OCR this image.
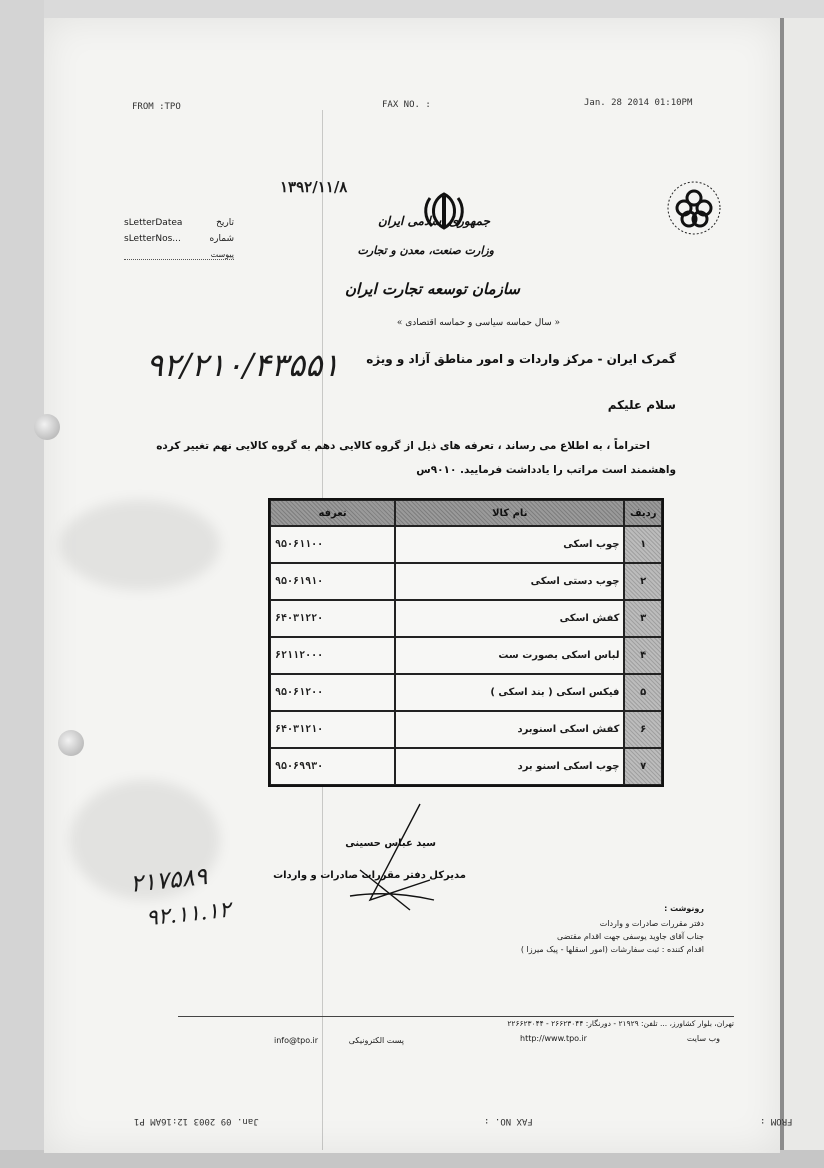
FROM :TPO	FAX NO. :	Jan. 28 2014 01:10PM
۱۳۹۲/۱۱/۸
sLetterDatea	تاریخ
sLetterNos...	شماره
پیوست
جمهوری اسلامی ایران
وزارت صنعت، معدن و تجارت
سازمان توسعه تجارت ایران
« سال حماسه سیاسی و حماسه اقتصادی »
۹۲/۲۱۰/۴۳۵۵۱ گمرک ایران - مرکز واردات و امور مناطق آزاد و ویژه
سلام علیکم
احتراماً ، به اطلاع می رساند ، تعرفه های ذیل از گروه کالایی دهم به گروه کالایی نهم تغییر کرده
واهشمند است مراتب را یادداشت فرمایید. ۹۰۱۰س
ردیف	نام کالا	تعرفه
۱	چوب اسکی	۹۵۰۶۱۱۰۰
۲	چوب دستی اسکی	۹۵۰۶۱۹۱۰
۳	کفش اسکی	۶۴۰۳۱۲۲۰
۴	لباس اسکی بصورت ست	۶۲۱۱۲۰۰۰
۵	فیکس اسکی ( بند اسکی )	۹۵۰۶۱۲۰۰
۶	کفش اسکی اسنوبرد	۶۴۰۳۱۲۱۰
۷	چوب اسکی اسنو برد	۹۵۰۶۹۹۳۰
سید عباس حسینی
مدیرکل دفتر مقررات صادرات و واردات
۲۱۷۵۸۹
۹۲.۱۱.۱۲	رونوشت :
دفتر مقررات صادرات و واردات
جناب آقای جاوید یوسفی جهت اقدام مقتضی
اقدام کننده : ثبت سفارشات (امور اسقلها - پیک میرزا )
تهران، بلوار کشاورز، ... تلفن: ۲۱۹۲۹ - دورنگار: ۲۶۶۲۳۰۴۴ - ۲۲۶۶۲۳۰۴۴
http://www.tpo.ir	وب سایت
info@tpo.ir	پست الکترونیکی
Jan. 09 2003 12:16AM P1	FAX NO. :	FROM :
